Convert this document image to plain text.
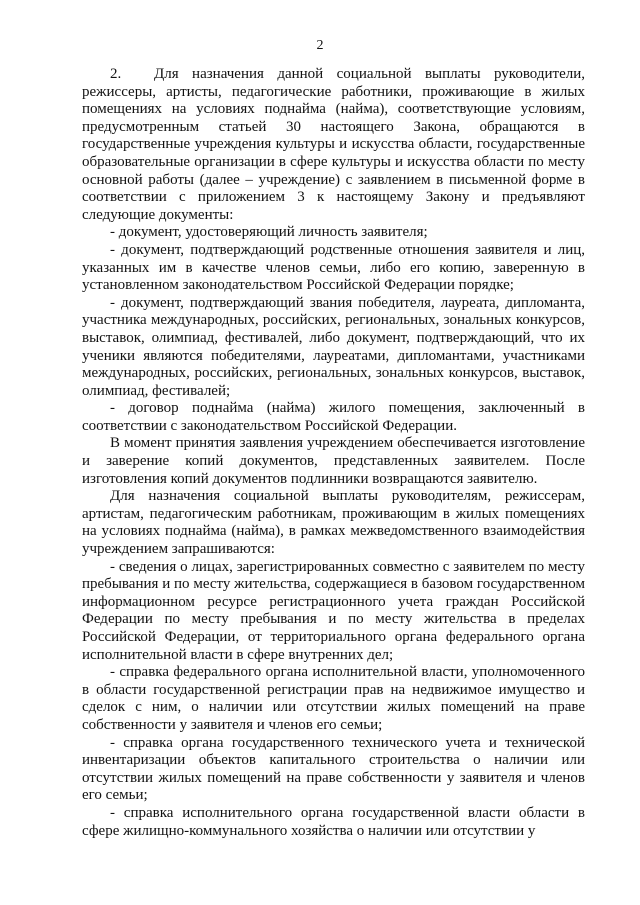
2

2. Для назначения данной социальной выплаты руководители, режиссеры, артисты, педагогические работники, проживающие в жилых помещениях на условиях поднайма (найма), соответствующие условиям, предусмотренным статьей 30 настоящего Закона, обращаются в государственные учреждения культуры и искусства области, государственные образовательные организации в сфере культуры и искусства области по месту основной работы (далее – учреждение) с заявлением в письменной форме в соответствии с приложением 3 к настоящему Закону и предъявляют следующие документы:

- документ, удостоверяющий личность заявителя;

- документ, подтверждающий родственные отношения заявителя и лиц, указанных им в качестве членов семьи, либо его копию, заверенную в установленном законодательством Российской Федерации порядке;

- документ, подтверждающий звания победителя, лауреата, дипломанта, участника международных, российских, региональных, зональных конкурсов, выставок, олимпиад, фестивалей, либо документ, подтверждающий, что их ученики являются победителями, лауреатами, дипломантами, участниками международных, российских, региональных, зональных конкурсов, выставок, олимпиад, фестивалей;

- договор поднайма (найма) жилого помещения, заключенный в соответствии с законодательством Российской Федерации.

В момент принятия заявления учреждением обеспечивается изготовление и заверение копий документов, представленных заявителем. После изготовления копий документов подлинники возвращаются заявителю.

Для назначения социальной выплаты руководителям, режиссерам, артистам, педагогическим работникам, проживающим в жилых помещениях на условиях поднайма (найма), в рамках межведомственного взаимодействия учреждением запрашиваются:

- сведения о лицах, зарегистрированных совместно с заявителем по месту пребывания и по месту жительства, содержащиеся в базовом государственном информационном ресурсе регистрационного учета граждан Российской Федерации по месту пребывания и по месту жительства в пределах Российской Федерации, от территориального органа федерального органа исполнительной власти в сфере внутренних дел;

- справка федерального органа исполнительной власти, уполномоченного в области государственной регистрации прав на недвижимое имущество и сделок с ним, о наличии или отсутствии жилых помещений на праве собственности у заявителя и членов его семьи;

- справка органа государственного технического учета и технической инвентаризации объектов капитального строительства о наличии или отсутствии жилых помещений на праве собственности у заявителя и членов его семьи;

- справка исполнительного органа государственной власти области в сфере жилищно-коммунального хозяйства о наличии или отсутствии у
